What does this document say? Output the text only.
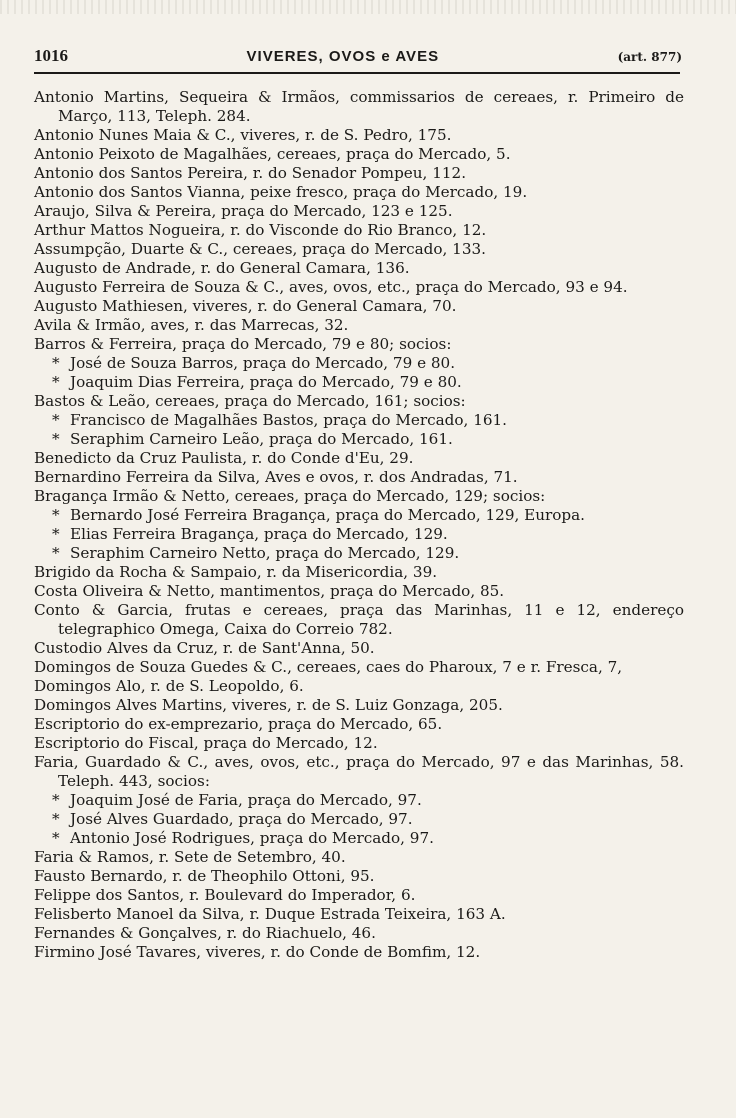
1016	VIVERES, OVOS e AVES	(art. 877)

Antonio Martins, Sequeira & Irmãos, commissarios de cereaes, r. Primeiro de Março, 113, Teleph. 284.

Antonio Nunes Maia & C., viveres, r. de S. Pedro, 175.

Antonio Peixoto de Magalhães, cereaes, praça do Mercado, 5.

Antonio dos Santos Pereira, r. do Senador Pompeu, 112.

Antonio dos Santos Vianna, peixe fresco, praça do Mercado, 19.

Araujo, Silva & Pereira, praça do Mercado, 123 e 125.

Arthur Mattos Nogueira, r. do Visconde do Rio Branco, 12.

Assumpção, Duarte & C., cereaes, praça do Mercado, 133.

Augusto de Andrade, r. do General Camara, 136.

Augusto Ferreira de Souza & C., aves, ovos, etc., praça do Mercado, 93 e 94.

Augusto Mathiesen, viveres, r. do General Camara, 70.

Avila & Irmão, aves, r. das Marrecas, 32.

Barros & Ferreira, praça do Mercado, 79 e 80; socios:

* José de Souza Barros, praça do Mercado, 79 e 80.

* Joaquim Dias Ferreira, praça do Mercado, 79 e 80.

Bastos & Leão, cereaes, praça do Mercado, 161; socios:

* Francisco de Magalhães Bastos, praça do Mercado, 161.

* Seraphim Carneiro Leão, praça do Mercado, 161.

Benedicto da Cruz Paulista, r. do Conde d'Eu, 29.

Bernardino Ferreira da Silva, Aves e ovos, r. dos Andradas, 71.

Bragança Irmão & Netto, cereaes, praça do Mercado, 129; socios:

* Bernardo José Ferreira Bragança, praça do Mercado, 129, Europa.

* Elias Ferreira Bragança, praça do Mercado, 129.

* Seraphim Carneiro Netto, praça do Mercado, 129.

Brigido da Rocha & Sampaio, r. da Misericordia, 39.

Costa Oliveira & Netto, mantimentos, praça do Mercado, 85.

Conto & Garcia, frutas e cereaes, praça das Marinhas, 11 e 12, endereço telegraphico Omega, Caixa do Correio 782.

Custodio Alves da Cruz, r. de Sant'Anna, 50.

Domingos de Souza Guedes & C., cereaes, caes do Pharoux, 7 e r. Fresca, 7,

Domingos Alo, r. de S. Leopoldo, 6.

Domingos Alves Martins, viveres, r. de S. Luiz Gonzaga, 205.

Escriptorio do ex-emprezario, praça do Mercado, 65.

Escriptorio do Fiscal, praça do Mercado, 12.

Faria, Guardado & C., aves, ovos, etc., praça do Mercado, 97 e das Marinhas, 58. Teleph. 443, socios:

* Joaquim José de Faria, praça do Mercado, 97.

* José Alves Guardado, praça do Mercado, 97.

* Antonio José Rodrigues, praça do Mercado, 97.

Faria & Ramos, r. Sete de Setembro, 40.

Fausto Bernardo, r. de Theophilo Ottoni, 95.

Felippe dos Santos, r. Boulevard do Imperador, 6.

Felisberto Manoel da Silva, r. Duque Estrada Teixeira, 163 A.

Fernandes & Gonçalves, r. do Riachuelo, 46.

Firmino José Tavares, viveres, r. do Conde de Bomfim, 12.
